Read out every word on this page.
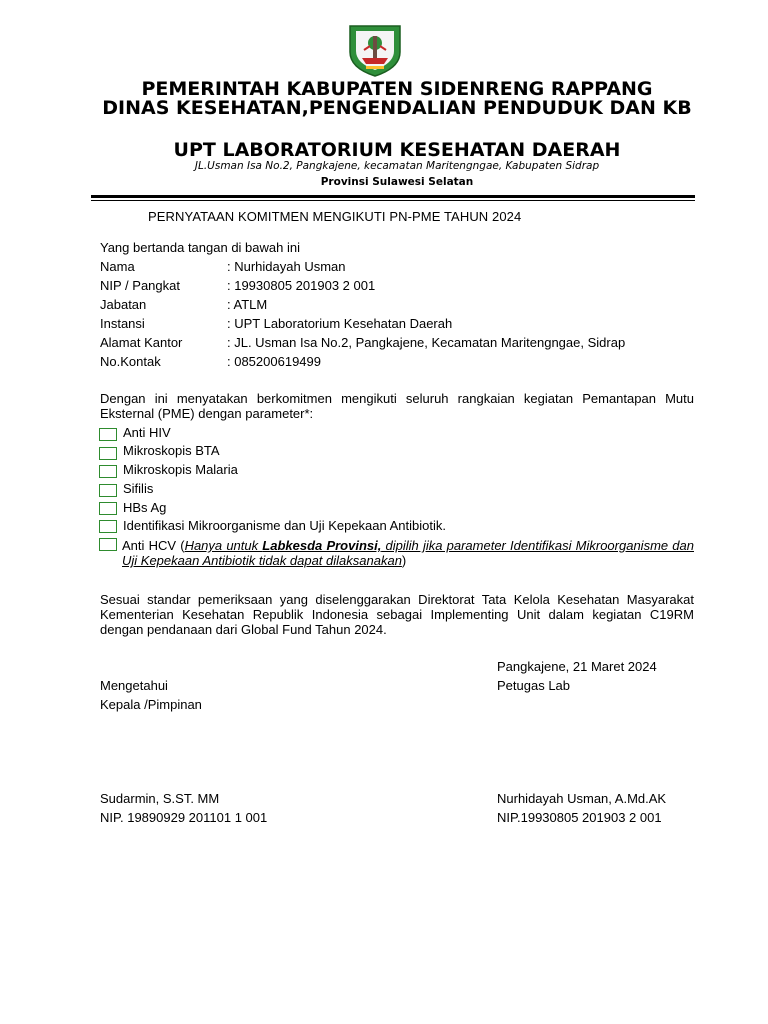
PEMERINTAH KABUPATEN SIDENRENG RAPPANG
DINAS KESEHATAN,PENGENDALIAN PENDUDUK DAN KB
UPT LABORATORIUM KESEHATAN DAERAH
JL.Usman Isa No.2, Pangkajene, kecamatan Maritengngae, Kabupaten Sidrap
Provinsi Sulawesi Selatan
PERNYATAAN KOMITMEN MENGIKUTI PN-PME TAHUN 2024
Yang bertanda tangan di bawah ini
Nama	: Nurhidayah Usman
NIP / Pangkat	: 19930805 201903 2 001
Jabatan	: ATLM
Instansi	: UPT Laboratorium Kesehatan Daerah
Alamat Kantor	: JL. Usman Isa No.2, Pangkajene, Kecamatan Maritengngae, Sidrap
No.Kontak	: 085200619499
Dengan ini menyatakan berkomitmen mengikuti seluruh rangkaian kegiatan Pemantapan Mutu Eksternal (PME) dengan parameter*:
Anti HIV
Mikroskopis BTA
Mikroskopis Malaria
Sifilis
HBs Ag
Identifikasi Mikroorganisme dan Uji Kepekaan Antibiotik.
Anti HCV (Hanya untuk Labkesda Provinsi, dipilih jika parameter Identifikasi Mikroorganisme dan Uji Kepekaan Antibiotik tidak dapat dilaksanakan)
Sesuai standar pemeriksaan yang diselenggarakan Direktorat Tata Kelola Kesehatan Masyarakat Kementerian Kesehatan Republik Indonesia sebagai Implementing Unit dalam kegiatan C19RM dengan pendanaan dari Global Fund Tahun 2024.
Pangkajene, 21 Maret 2024
Mengetahui	Petugas Lab
Kepala /Pimpinan
Sudarmin, S.ST. MM	Nurhidayah Usman, A.Md.AK
NIP. 19890929 201101 1 001	NIP.19930805 201903 2 001
